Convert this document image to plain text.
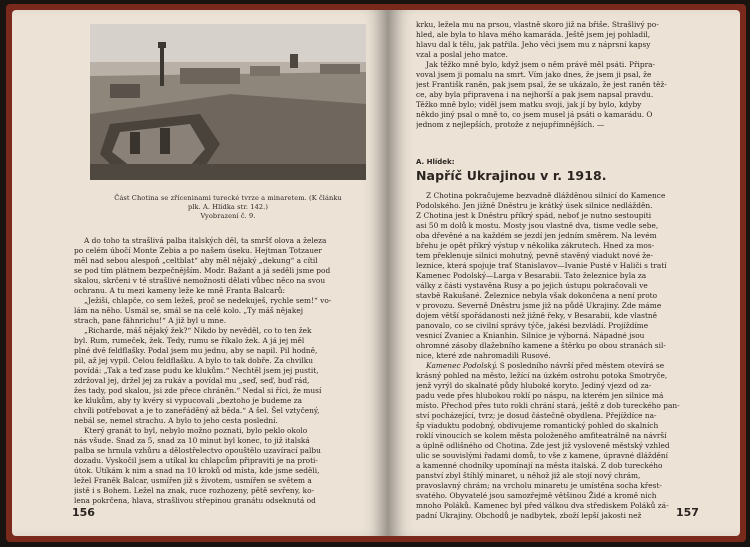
Část Chotina se zříceninami turecké tvrze a minaretem. (K článku
plk. A. Hlídka str. 142.)
Vyobrazení č. 9.
A do toho ta strašlivá palba italských děl, ta smršť olova a železa
po celém úbočí Monte Zebia a po našem úseku. Hejtman Totzauer
měl nad sebou alespoň „celtblat“ aby měl nějaký „dekung“ a cítil
se pod tím plátnem bezpečnějším. Modr. Bažant a já seděli jsme pod
skalou, skrčeni v té strašlivé nemožnosti dělati vůbec něco na svou
ochranu. A tu mezi kameny leže ke mně Franta Balcarů:
„Ježiši, chlapče, co sem ležeš, proč se nedekuješ, rychle sem!“ vo-
lám na něho. Usmál se, smál se na celé kolo. „Ty máš nějakej
strach, pane fähnrichu!“ A již byl u mne.
„Richarde, máš nějaký žek?“ Nikdo by nevěděl, co to ten žek
byl. Rum, rumeček, žek. Tedy, rumu se říkalo žek. A já jej měl
plné dvě feldflašky. Podal jsem mu jednu, aby se napil. Pil hodně,
pil, až jej vypil. Celou feldflašku. A bylo to tak dobře. Za chvilku
povídá: „Tak a teď zase pudu ke klukům.“ Nechtěl jsem jej pustit,
zdržoval jej, držel jej za rukáv a povídal mu „seď, seď, buď rád,
žes tady, pod skalou, jsi zde přece chráněn.“ Nedal si říci, že musí
ke klukům, aby ty kvéry si vypucovali „beztoho je budeme za
chvíli potřebovat a je to zaneřáděný až běda.“ A šel. Šel vztyčený,
nebál se, nemel strachu. A bylo to jeho cesta poslední.
Který granát to byl, nebylo možno poznati, bylo peklo okolo
nás všude. Snad za 5, snad za 10 minut byl konec, to již italská
palba se hrnula vzhůru a dělostřelectvo opouštělo uzavírací palbu
dozadu. Vyskočil jsem a utíkal ku chlapcům připraviti je na proti-
útok. Utíkám k nim a snad na 10 kroků od místa, kde jsme seděli,
ležel Franěk Balcar, usmířen již s životem, usmířen se světem a
jistě i s Bohem. Ležel na znak, ruce rozhozeny, pětě sevřeny, ko-
lena pokrčena, hlava, strašlivou střepinou granátu odseknutá od
156
krku, ležela mu na prsou, vlastně skoro již na břiše. Strašlivý po-
hled, ale byla to hlava mého kamaráda. Ještě jsem jej pohladil,
hlavu dal k tělu, jak patřila. Jeho věci jsem mu z náprsní kapsy
vzal a poslal jeho matce.
Jak těžko mně bylo, když jsem o něm právě měl psáti. Připra-
voval jsem ji pomalu na smrt. Vím jako dnes, že jsem ji psal, že
jest Františk raněn, pak jsem psal, že se ukázalo, že jest raněn těž-
ce, aby byla připravena i na nejhorší a pak jsem napsal pravdu.
Těžko mně bylo; viděl jsem matku svoji, jak jí by bylo, kdyby
někdo jiný psal o mně to, co jsem musel já psáti o kamarádu. O
jednom z nejlepších, protože z nejupřímnějších. —
A. Hlídek:
Napříč Ukrajinou v r. 1918.
Z Chotina pokračujeme bezvadně dlážděnou silnicí do Kamence
Podolského. Jen jižně Dněstru je krátký úsek silnice nedlážděn.
Z Chotina jest k Dněstru příkrý spád, neboť je nutno sestoupiti
asi 50 m dolů k mostu. Mosty jsou vlastně dva, tisme vedle sebe,
oba dřevěné a na každém se jezdí jen jedním směrem. Na levém
břehu je opět příkrý výstup v několika zákrutech. Hned za mos-
tem překlenuje silnici mohutný, pevně stavěný viadukt nové že-
leznice, která spojuje trať Stanislavov—Ivanie Pusté v Haliči s tratí
Kamenec Podolský—Larga v Besarabii. Tato železnice byla za
války z části vystavěna Rusy a po jejich ústupu pokračovali ve
stavbě Rakušané. Železnice nebyla však dokončena a není proto
v provozu. Severně Dněstru jsme již na půdě Ukrajiny. Zde máme
dojem větší spořádanosti než jižně řeky, v Besarabii, kde vlastně
panovalo, co se civilní správy týče, jakési bezvládí. Projíždíme
vesnicí Zvaniec a Knianhin. Silnice je výborná. Nápadné jsou
ohromné zásoby dlažebního kamene a štěrku po obou stranách sil-
nice, které zde nahromadili Rusové.
Kamenec Podolský. S posledního návrší před městem otevírá se
krásný pohled na město, ležící na úzkém ostrohu potoka Smotryče,
jenž vyrýl do skalnaté půdy hluboké koryto. Jediný vjezd od za-
padu vede přes hlubokou roklí po náspu, na kterém jen silnice má
místo. Přechod přes tuto rokli chrání stará, ještě z dob tureckého pan-
ství pocházející, tvrz; je dosud částečně obydlena. Přejíždíce na-
šp viaduktu podobný, obdivujeme romantický pohled do skalních
roklí vinoucích se kolem města položeného amfiteatrálně na návrší
a úplně odlišného od Chotina. Zde jest již vysloveně městský vzhled
ulic se souvislými řadami domů, to vše z kamene, úpravné dláždění
a kamenné chodníky upomínají na města italská. Z dob tureckého
panství zbyl štíhlý minaret, u něhož již ale stojí nový chrám,
pravoslavný chrám; na vrcholu minaretu je umístěna socha křest-
svatého. Obyvatelé jsou samozřejmě většinou Židé a kromě nich
mnoho Poláků. Kamenec byl před válkou dva střediskem Poláků zá-
padní Ukrajiny. Obchodů je nadbytek, zboží lepší jakosti než	157
